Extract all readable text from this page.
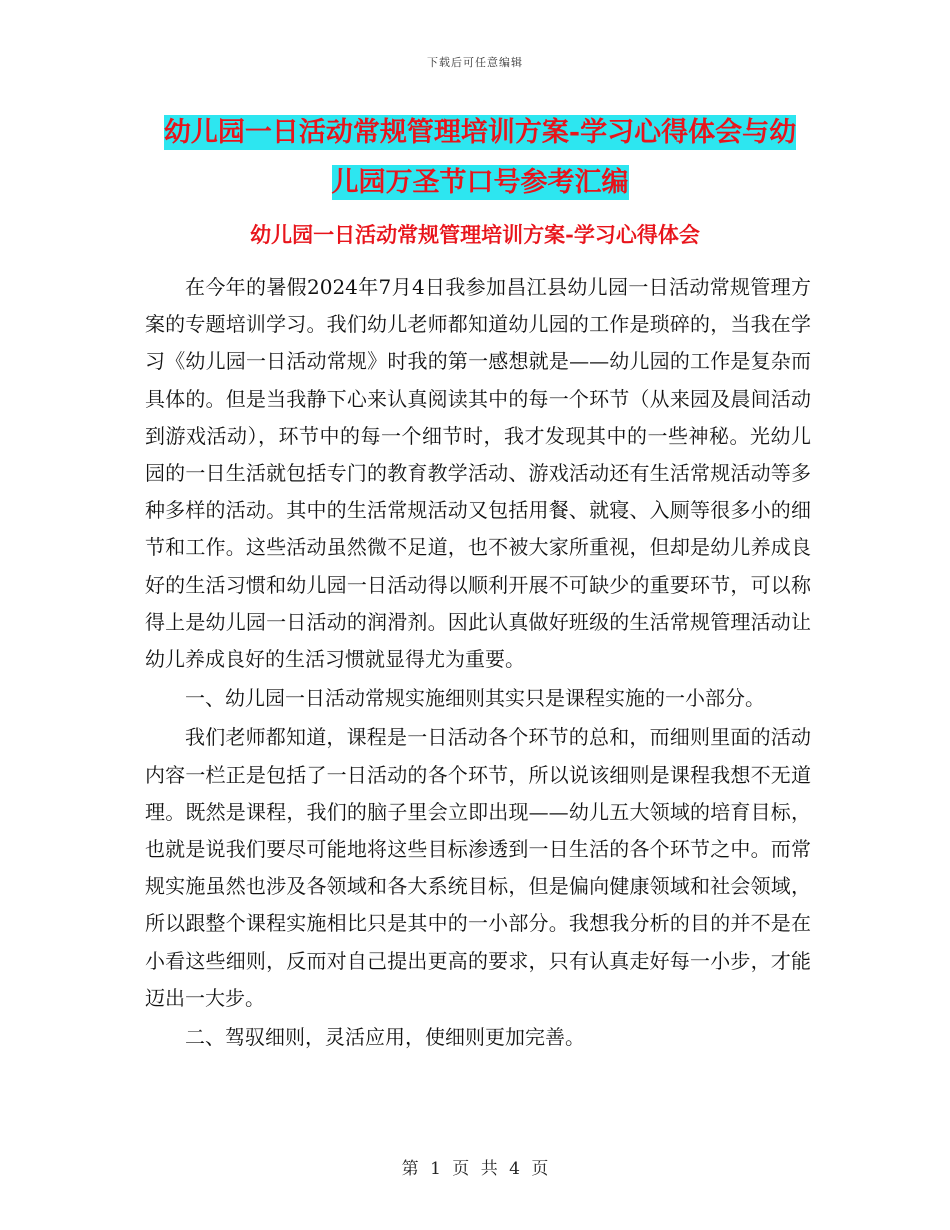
下载后可任意编辑
幼儿园一日活动常规管理培训方案-学习心得体会与幼
儿园万圣节口号参考汇编
幼儿园一日活动常规管理培训方案-学习心得体会

在今年的暑假2024年7月4日我参加昌江县幼儿园一日活动常规管理方案的专题培训学习。我们幼儿老师都知道幼儿园的工作是琐碎的，当我在学习《幼儿园一日活动常规》时我的第一感想就是——幼儿园的工作是复杂而具体的。但是当我静下心来认真阅读其中的每一个环节（从来园及晨间活动到游戏活动），环节中的每一个细节时，我才发现其中的一些神秘。光幼儿园的一日生活就包括专门的教育教学活动、游戏活动还有生活常规活动等多种多样的活动。其中的生活常规活动又包括用餐、就寝、入厕等很多小的细节和工作。这些活动虽然微不足道，也不被大家所重视，但却是幼儿养成良好的生活习惯和幼儿园一日活动得以顺利开展不可缺少的重要环节，可以称得上是幼儿园一日活动的润滑剂。因此认真做好班级的生活常规管理活动让幼儿养成良好的生活习惯就显得尤为重要。

一、幼儿园一日活动常规实施细则其实只是课程实施的一小部分。

我们老师都知道，课程是一日活动各个环节的总和，而细则里面的活动内容一栏正是包括了一日活动的各个环节，所以说该细则是课程我想不无道理。既然是课程，我们的脑子里会立即出现——幼儿五大领域的培育目标，也就是说我们要尽可能地将这些目标渗透到一日生活的各个环节之中。而常规实施虽然也涉及各领域和各大系统目标，但是偏向健康领域和社会领域，所以跟整个课程实施相比只是其中的一小部分。我想我分析的目的并不是在小看这些细则，反而对自己提出更高的要求，只有认真走好每一小步，才能迈出一大步。

二、驾驭细则，灵活应用，使细则更加完善。

第 1 页 共 4 页
